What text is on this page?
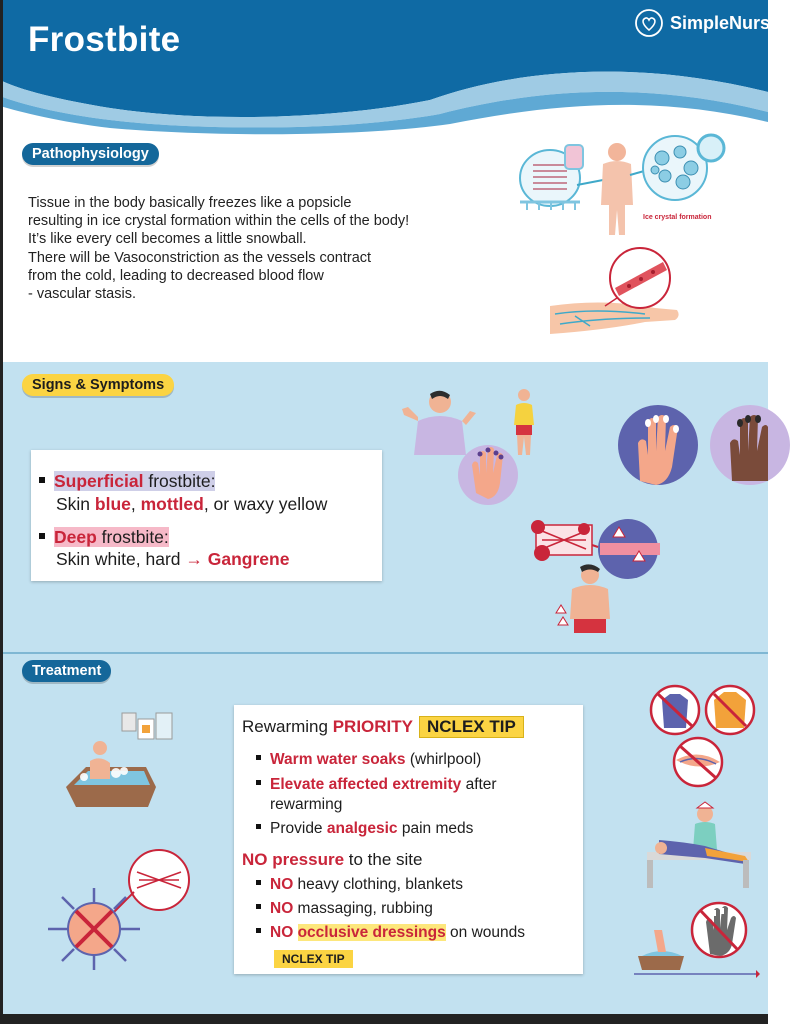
Frostbite	SimpleNursing
Pathophysiology
Tissue in the body basically freezes like a popsicle
resulting in ice crystal formation within the cells of the body!
It’s like every cell becomes a little snowball.
There will be Vasoconstriction as the vessels contract
from the cold, leading to decreased blood flow
- vascular stasis.
Ice crystal formation
Signs & Symptoms
Superficial frostbite:
Skin blue, mottled, or waxy yellow
Deep frostbite:
Skin white, hard → Gangrene
Treatment
Rewarming PRIORITY NCLEX TIP
Warm water soaks (whirlpool)
Elevate affected extremity after
rewarming
Provide analgesic pain meds
NO pressure to the site
NO heavy clothing, blankets
NO massaging, rubbing
NO occlusive dressings on wounds
NCLEX TIP
